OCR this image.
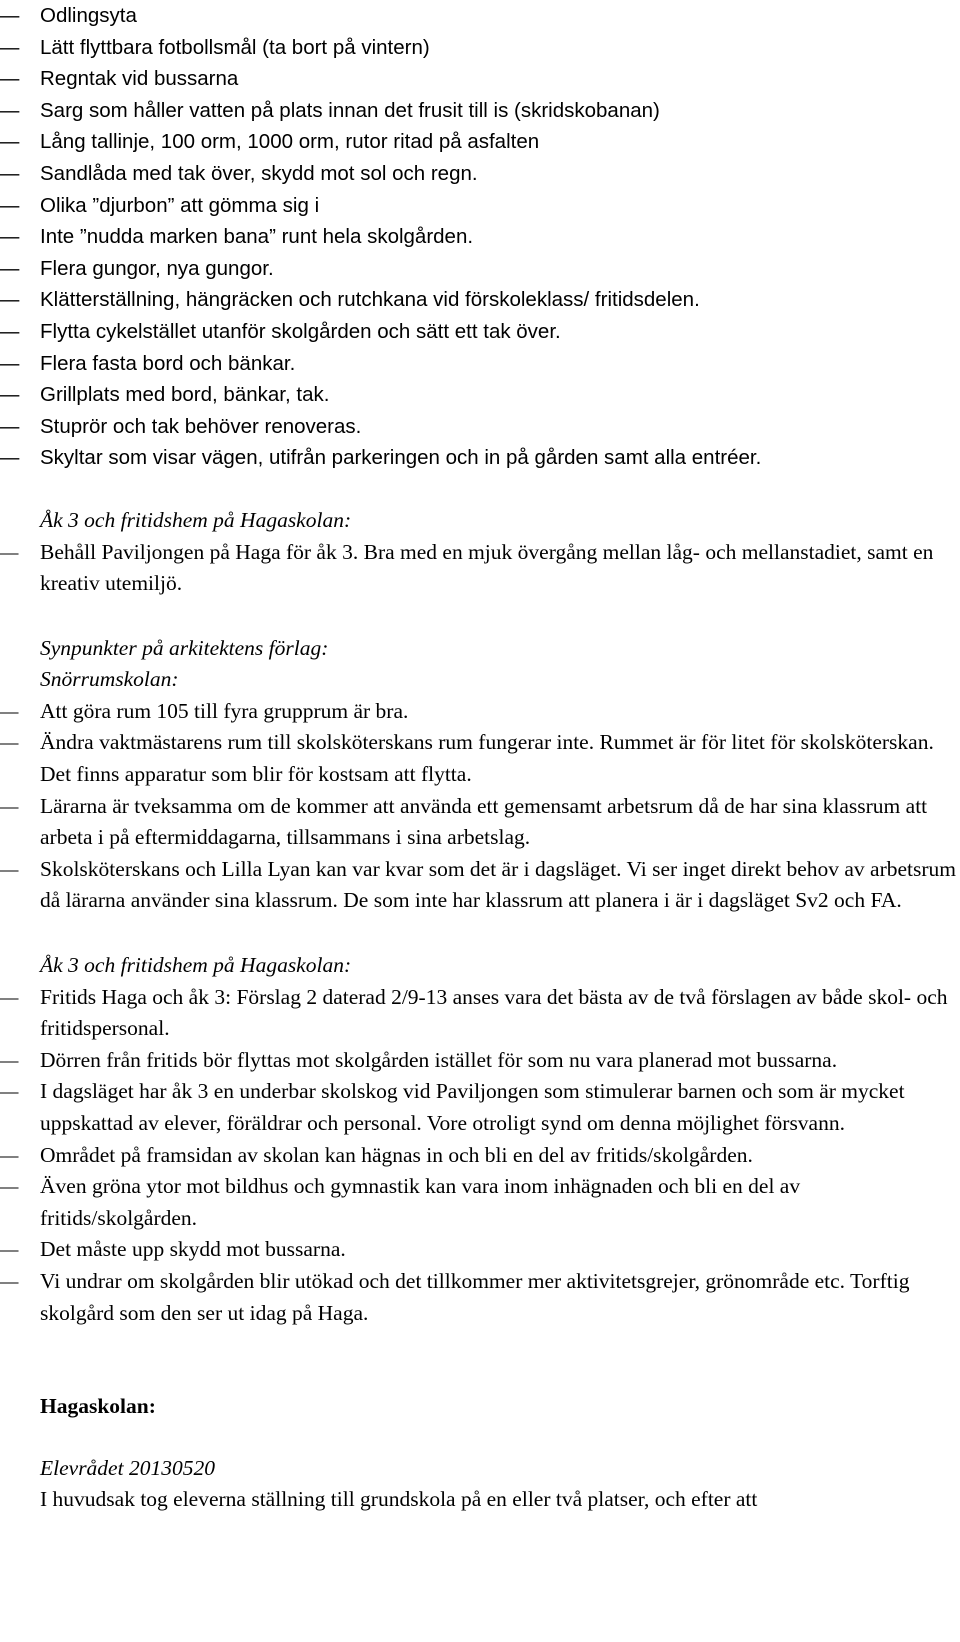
– Odlingsyta
– Lätt flyttbara fotbollsmål (ta bort på vintern)
– Regntak vid bussarna
– Sarg som håller vatten på plats innan det frusit till is (skridskobanan)
– Lång tallinje, 100 orm, 1000 orm, rutor ritad på asfalten
– Sandlåda med tak över, skydd mot sol och regn.
– Olika ”djurbon” att gömma sig i
– Inte ”nudda marken bana” runt hela skolgården.
– Flera gungor, nya gungor.
– Klätterställning, hängräcken och rutchkana vid förskoleklass/ fritidsdelen.
– Flytta cykelstället utanför skolgården och sätt ett tak över.
– Flera fasta bord och bänkar.
– Grillplats med bord, bänkar, tak.
– Stuprör och tak behöver renoveras.
– Skyltar som visar vägen, utifrån parkeringen och in på gården samt alla entréer.
Åk 3 och fritidshem på Hagaskolan:
– Behåll Paviljongen på Haga för åk 3. Bra med en mjuk övergång mellan låg- och mellanstadiet, samt en kreativ utemiljö.
Synpunkter på arkitektens förlag:
Snörrumskolan:
– Att göra rum 105 till fyra grupprum är bra.
– Ändra vaktmästarens rum till skolsköterskans rum fungerar inte. Rummet är för litet för skolsköterskan. Det finns apparatur som blir för kostsam att flytta.
– Lärarna är tveksamma om de kommer att använda ett gemensamt arbetsrum då de har sina klassrum att arbeta i på eftermiddagarna, tillsammans i sina arbetslag.
– Skolsköterskans och Lilla Lyan kan var kvar som det är i dagsläget. Vi ser inget direkt behov av arbetsrum då lärarna använder sina klassrum. De som inte har klassrum att planera i är i dagsläget Sv2 och FA.
Åk 3 och fritidshem på Hagaskolan:
– Fritids Haga och åk 3: Förslag 2 daterad 2/9-13 anses vara det bästa av de två förslagen av både skol- och fritidspersonal.
– Dörren från fritids bör flyttas mot skolgården istället för som nu vara planerad mot bussarna.
– I dagsläget har åk 3 en underbar skolskog vid Paviljongen som stimulerar barnen och som är mycket uppskattad av elever, föräldrar och personal. Vore otroligt synd om denna möjlighet försvann.
– Området på framsidan av skolan kan hägnas in och bli en del av fritids/skolgården.
– Även gröna ytor mot bildhus och gymnastik kan vara inom inhägnaden och bli en del av fritids/skolgården.
– Det måste upp skydd mot bussarna.
– Vi undrar om skolgården blir utökad och det tillkommer mer aktivitetsgrejer, grönområde etc. Torftig skolgård som den ser ut idag på Haga.
Hagaskolan:
Elevrådet 20130520
I huvudsak tog eleverna ställning till grundskola på en eller två platser, och efter att
